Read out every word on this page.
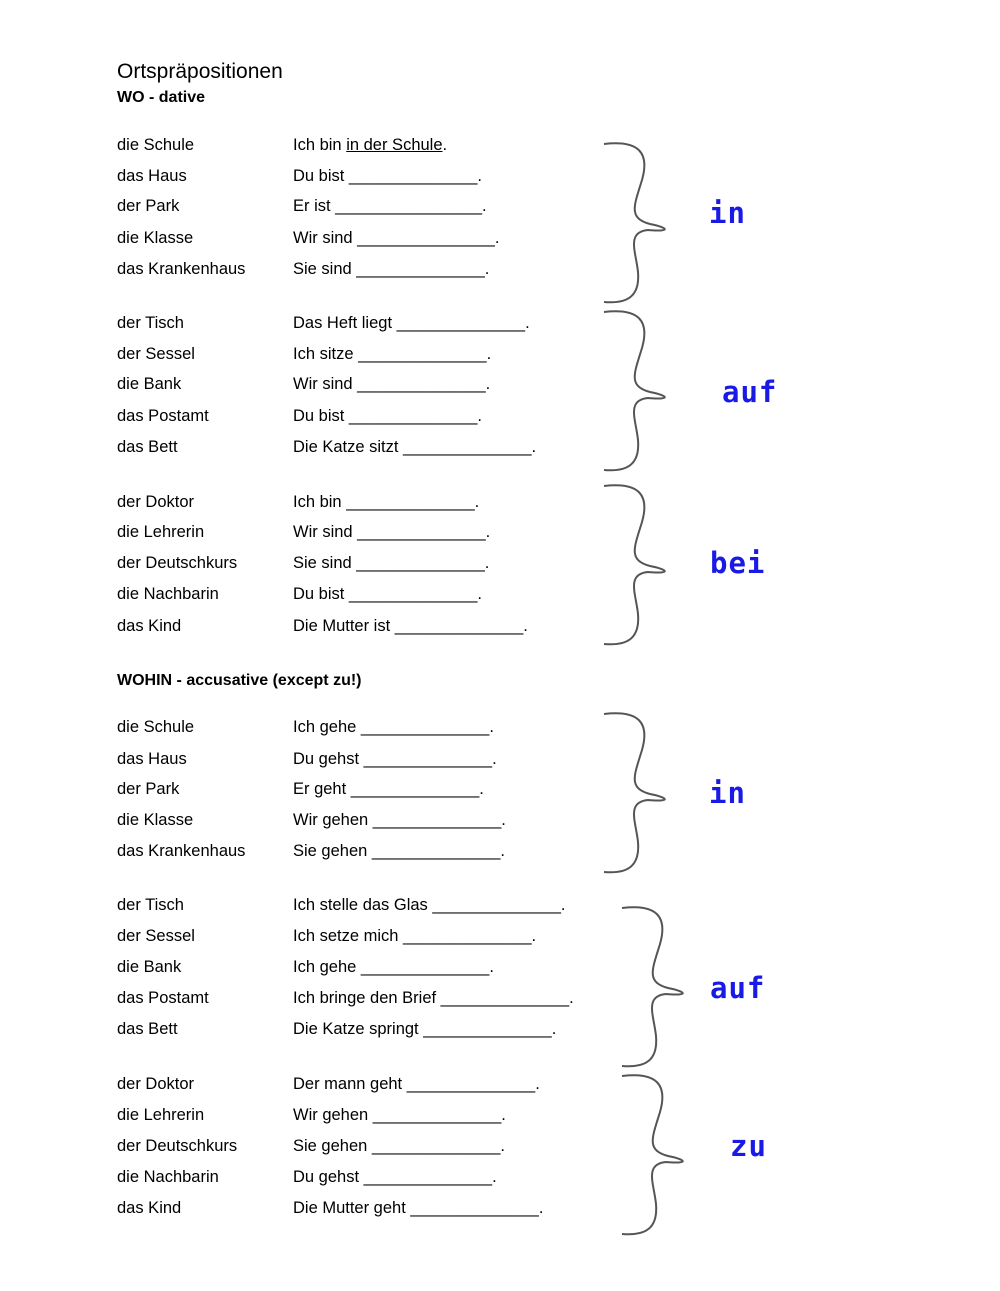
Ortspräpositionen
WO - dative
WOHIN - accusative (except zu!)
die Schule	Ich bin in der Schule.
das Haus	Du bist ______________.
der Park	Er ist ________________.
die Klasse	Wir sind _______________.
das Krankenhaus	Sie sind ______________.
der Tisch	Das Heft liegt ______________.
der Sessel	Ich sitze ______________.
die Bank	Wir sind ______________.
das Postamt	Du bist ______________.
das Bett	Die Katze sitzt ______________.
der Doktor	Ich bin ______________.
die Lehrerin	Wir sind ______________.
der Deutschkurs	Sie sind ______________.
die Nachbarin	Du bist ______________.
das Kind	Die Mutter ist ______________.
die Schule	Ich gehe ______________.
das Haus	Du gehst ______________.
der Park	Er geht ______________.
die Klasse	Wir gehen ______________.
das Krankenhaus	Sie gehen ______________.
der Tisch	Ich stelle das Glas ______________.
der Sessel	Ich setze mich ______________.
die Bank	Ich gehe ______________.
das Postamt	Ich bringe den Brief ______________.
das Bett	Die Katze springt ______________.
der Doktor	Der mann geht ______________.
die Lehrerin	Wir gehen ______________.
der Deutschkurs	Sie gehen ______________.
die Nachbarin	Du gehst ______________.
das Kind	Die Mutter geht ______________.
in
auf
bei
in
auf
zu
